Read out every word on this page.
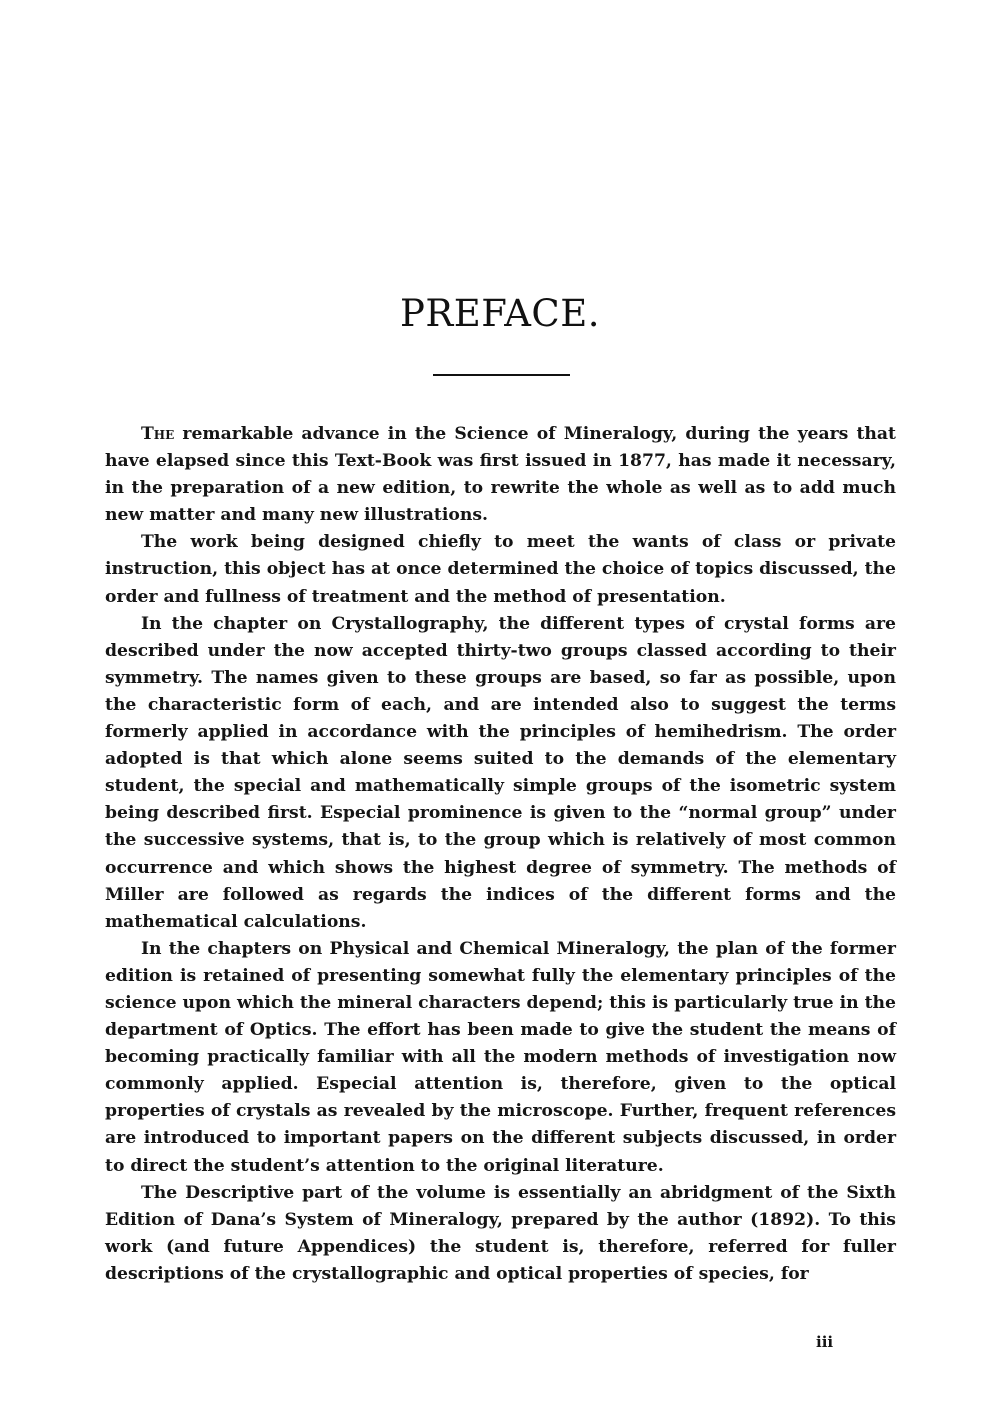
PREFACE.

The remarkable advance in the Science of Mineralogy, during the years that have elapsed since this Text-Book was first issued in 1877, has made it necessary, in the preparation of a new edition, to rewrite the whole as well as to add much new matter and many new illustrations.

The work being designed chiefly to meet the wants of class or private instruction, this object has at once determined the choice of topics discussed, the order and fullness of treatment and the method of presentation.

In the chapter on Crystallography, the different types of crystal forms are described under the now accepted thirty-two groups classed according to their symmetry. The names given to these groups are based, so far as possible, upon the characteristic form of each, and are intended also to suggest the terms formerly applied in accordance with the principles of hemihedrism. The order adopted is that which alone seems suited to the demands of the elementary student, the special and mathematically simple groups of the isometric system being described first. Especial prominence is given to the “normal group” under the successive systems, that is, to the group which is relatively of most common occurrence and which shows the highest degree of symmetry. The methods of Miller are followed as regards the indices of the different forms and the mathematical calculations.

In the chapters on Physical and Chemical Mineralogy, the plan of the former edition is retained of presenting somewhat fully the elementary principles of the science upon which the mineral characters depend; this is particularly true in the department of Optics. The effort has been made to give the student the means of becoming practically familiar with all the modern methods of investigation now commonly applied. Especial attention is, therefore, given to the optical properties of crystals as revealed by the microscope. Further, frequent references are introduced to important papers on the different subjects discussed, in order to direct the student’s attention to the original literature.

The Descriptive part of the volume is essentially an abridgment of the Sixth Edition of Dana’s System of Mineralogy, prepared by the author (1892). To this work (and future Appendices) the student is, therefore, referred for fuller descriptions of the crystallographic and optical properties of species, for

iii
